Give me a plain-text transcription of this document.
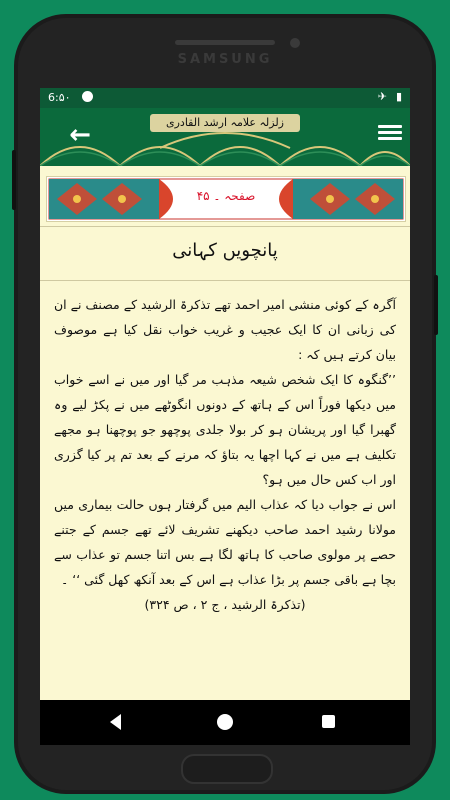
SAMSUNG
6:۵۰	✈ ▮
←	زلزلہ علامہ ارشد القادری
صفحہ ۔ ۴۵
پانچویں کہانی

آگرہ کے کوئی منشی امیر احمد تھے تذکرۃ الرشید کے مصنف نے ان کی زبانی ان کا ایک عجیب و غریب خواب نقل کیا ہے موصوف بیان کرتے ہیں کہ :

’’گنگوہ کا ایک شخص شیعہ مذہب مر گیا اور میں نے اسے خواب میں دیکھا فوراً اس کے ہاتھ کے دونوں انگوٹھے میں نے پکڑ لیے وہ گھبرا گیا اور پریشان ہو کر بولا جلدی پوچھو جو پوچھنا ہو مجھے تکلیف ہے میں نے کہا اچھا یہ بتاؤ کہ مرنے کے بعد تم پر کیا گزری اور اب کس حال میں ہو؟

اس نے جواب دیا کہ عذاب الیم میں گرفتار ہوں حالت بیماری میں مولانا رشید احمد صاحب دیکھنے تشریف لائے تھے جسم کے جتنے حصے پر مولوی صاحب کا ہاتھ لگا ہے بس اتنا جسم تو عذاب سے بچا ہے باقی جسم پر بڑا عذاب ہے اس کے بعد آنکھ کھل گئی ‘‘ ۔

(تذکرۃ الرشید ، ج ۲ ، ص ۳۲۴)
